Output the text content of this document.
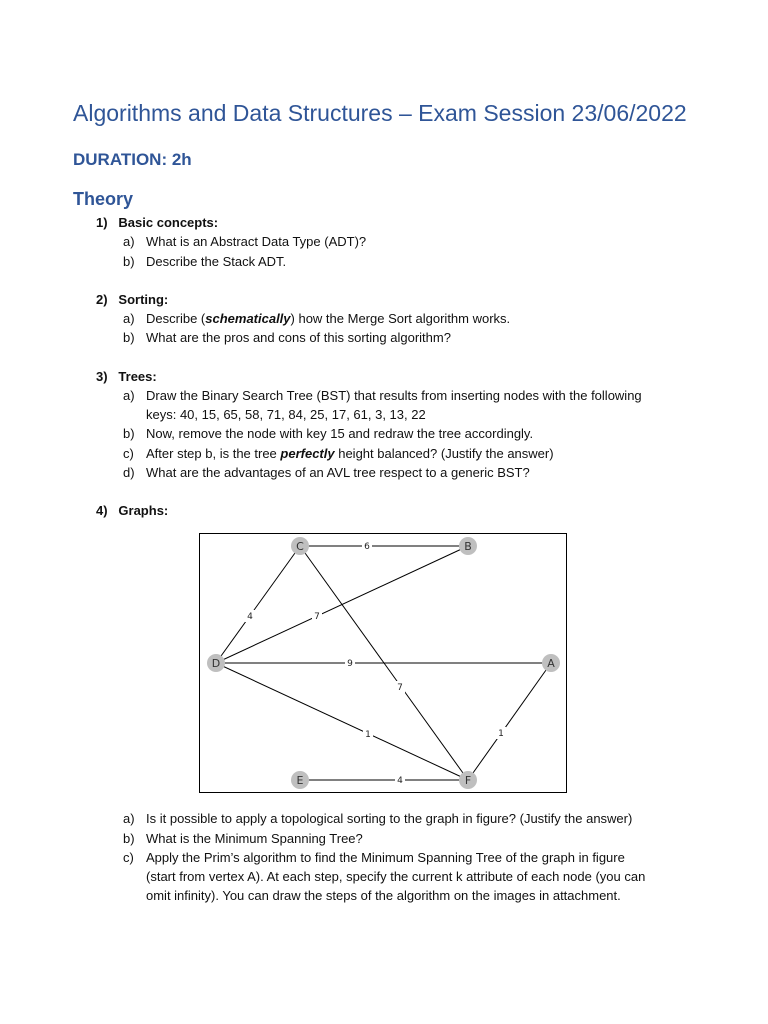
Algorithms and Data Structures – Exam Session 23/06/2022
DURATION: 2h
Theory
1) Basic concepts:
a) What is an Abstract Data Type (ADT)?
b) Describe the Stack ADT.
2) Sorting:
a) Describe (schematically) how the Merge Sort algorithm works.
b) What are the pros and cons of this sorting algorithm?
3) Trees:
a) Draw the Binary Search Tree (BST) that results from inserting nodes with the following
keys: 40, 15, 65, 58, 71, 84, 25, 17, 61, 3, 13, 22
b) Now, remove the node with key 15 and redraw the tree accordingly.
c) After step b, is the tree perfectly height balanced? (Justify the answer)
d) What are the advantages of an AVL tree respect to a generic BST?
4) Graphs:
6
4	7
9
7
1	1
4
C	B
D	A
E	F
a) Is it possible to apply a topological sorting to the graph in figure? (Justify the answer)
b) What is the Minimum Spanning Tree?
c) Apply the Prim’s algorithm to find the Minimum Spanning Tree of the graph in figure
(start from vertex A). At each step, specify the current k attribute of each node (you can
omit infinity). You can draw the steps of the algorithm on the images in attachment.
